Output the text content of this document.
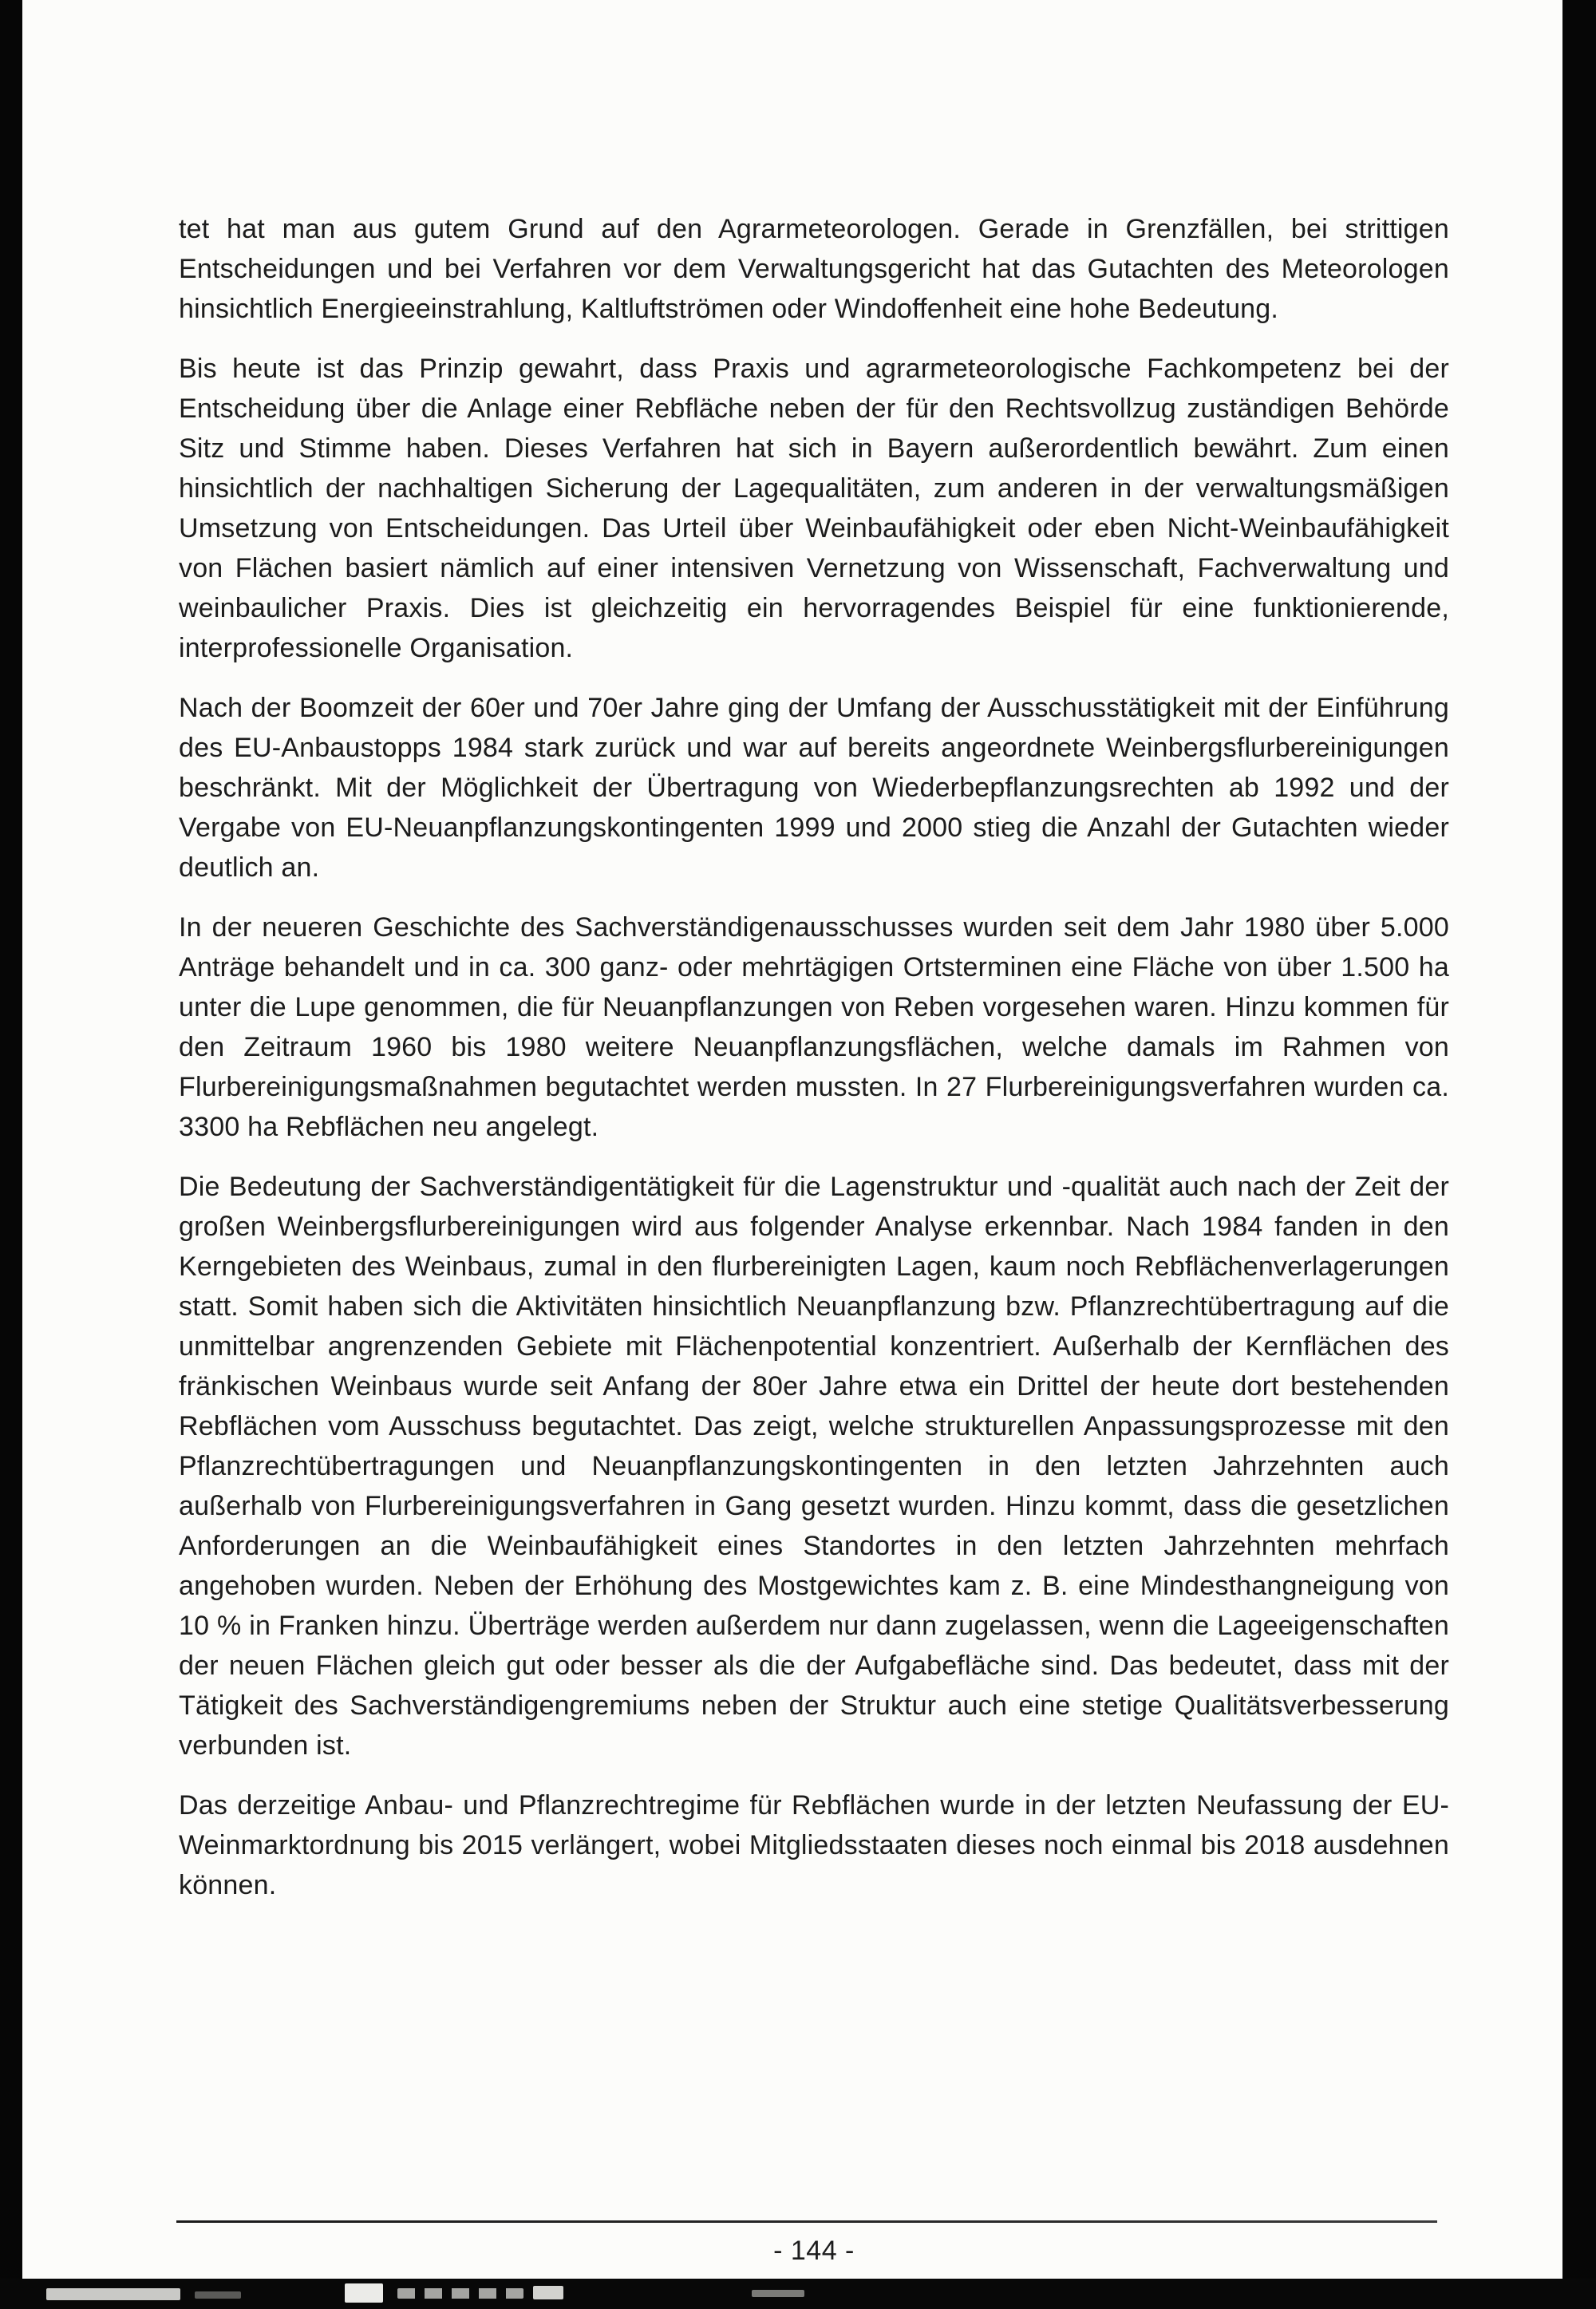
tet hat man aus gutem Grund auf den Agrarmeteorologen. Gerade in Grenzfällen, bei strittigen Entscheidungen und bei Verfahren vor dem Verwaltungsgericht hat das Gutachten des Meteorologen hinsichtlich Energieeinstrahlung, Kaltluftströmen oder Windoffenheit eine hohe Bedeutung.

Bis heute ist das Prinzip gewahrt, dass Praxis und agrarmeteorologische Fachkompetenz bei der Entscheidung über die Anlage einer Rebfläche neben der für den Rechtsvollzug zuständigen Behörde Sitz und Stimme haben. Dieses Verfahren hat sich in Bayern außerordentlich bewährt. Zum einen hinsichtlich der nachhaltigen Sicherung der Lagequalitäten, zum anderen in der verwaltungsmäßigen Umsetzung von Entscheidungen. Das Urteil über Weinbaufähigkeit oder eben Nicht-Weinbaufähigkeit von Flächen basiert nämlich auf einer intensiven Vernetzung von Wissenschaft, Fachverwaltung und weinbaulicher Praxis. Dies ist gleichzeitig ein hervorragendes Beispiel für eine funktionierende, interprofessionelle Organisation.

Nach der Boomzeit der 60er und 70er Jahre ging der Umfang der Ausschusstätigkeit mit der Einführung des EU-Anbaustopps 1984 stark zurück und war auf bereits angeordnete Weinbergsflurbereinigungen beschränkt. Mit der Möglichkeit der Übertragung von Wiederbepflanzungsrechten ab 1992 und der Vergabe von EU-Neuanpflanzungskontingenten 1999 und 2000 stieg die Anzahl der Gutachten wieder deutlich an.

In der neueren Geschichte des Sachverständigenausschusses wurden seit dem Jahr 1980 über 5.000 Anträge behandelt und in ca. 300 ganz- oder mehrtägigen Ortsterminen eine Fläche von über 1.500 ha unter die Lupe genommen, die für Neuanpflanzungen von Reben vorgesehen waren. Hinzu kommen für den Zeitraum 1960 bis 1980 weitere Neuanpflanzungsflächen, welche damals im Rahmen von Flurbereinigungsmaßnahmen begutachtet werden mussten. In 27 Flurbereinigungsverfahren wurden ca. 3300 ha Rebflächen neu angelegt.

Die Bedeutung der Sachverständigentätigkeit für die Lagenstruktur und -qualität auch nach der Zeit der großen Weinbergsflurbereinigungen wird aus folgender Analyse erkennbar. Nach 1984 fanden in den Kerngebieten des Weinbaus, zumal in den flurbereinigten Lagen, kaum noch Rebflächenverlagerungen statt. Somit haben sich die Aktivitäten hinsichtlich Neuanpflanzung bzw. Pflanzrechtübertragung auf die unmittelbar angrenzenden Gebiete mit Flächenpotential konzentriert. Außerhalb der Kernflächen des fränkischen Weinbaus wurde seit Anfang der 80er Jahre etwa ein Drittel der heute dort bestehenden Rebflächen vom Ausschuss begutachtet. Das zeigt, welche strukturellen Anpassungsprozesse mit den Pflanzrechtübertragungen und Neuanpflanzungskontingenten in den letzten Jahrzehnten auch außerhalb von Flurbereinigungsverfahren in Gang gesetzt wurden. Hinzu kommt, dass die gesetzlichen Anforderungen an die Weinbaufähigkeit eines Standortes in den letzten Jahrzehnten mehrfach angehoben wurden. Neben der Erhöhung des Mostgewichtes kam z. B. eine Mindesthangneigung von 10 % in Franken hinzu. Überträge werden außerdem nur dann zugelassen, wenn die Lageeigenschaften der neuen Flächen gleich gut oder besser als die der Aufgabefläche sind. Das bedeutet, dass mit der Tätigkeit des Sachverständigengremiums neben der Struktur auch eine stetige Qualitätsverbesserung verbunden ist.

Das derzeitige Anbau- und Pflanzrechtregime für Rebflächen wurde in der letzten Neufassung der EU-Weinmarktordnung bis 2015 verlängert, wobei Mitgliedsstaaten dieses noch einmal bis 2018 ausdehnen können.

- 144 -
